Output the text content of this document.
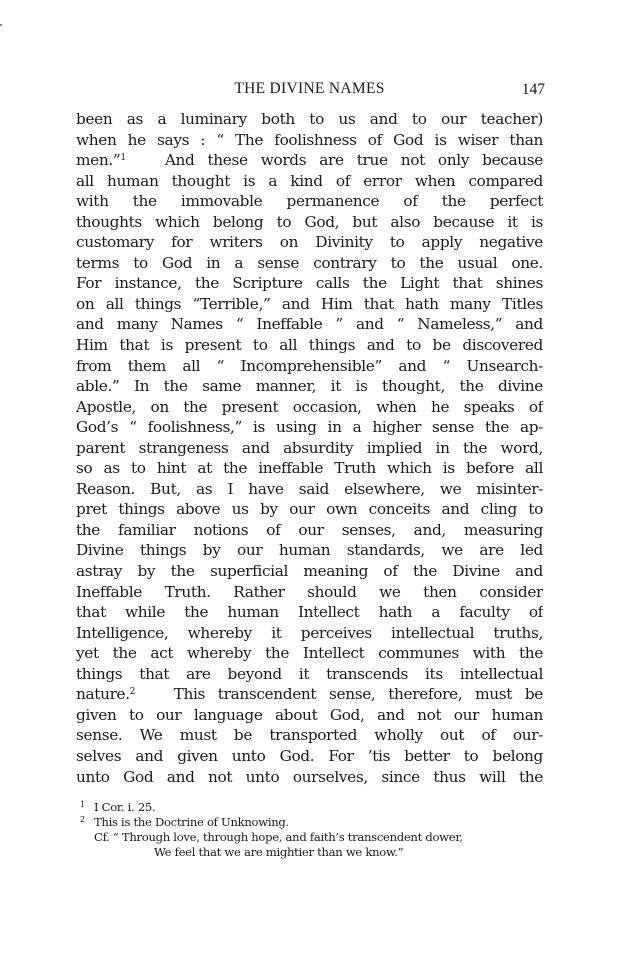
THE DIVINE NAMES	147
been as a luminary both to us and to our teacher)
when he says : “ The foolishness of God is wiser than
men.”$^1$	And these words are true not only because
all human thought is a kind of error when compared
with the immovable permanence of the perfect
thoughts which belong to God, but also because it is
customary for writers on Divinity to apply negative
terms to God in a sense contrary to the usual one.
For instance, the Scripture calls the Light that shines
on all things “Terrible,” and Him that hath many Titles
and many Names “ Ineffable ” and “ Nameless,” and
Him that is present to all things and to be discovered
from them all “ Incomprehensible” and “ Unsearch-
able.” In the same manner, it is thought, the divine
Apostle, on the present occasion, when he speaks of
God’s “ foolishness,” is using in a higher sense the ap-
parent strangeness and absurdity implied in the word,
so as to hint at the ineffable Truth which is before all
Reason. But, as I have said elsewhere, we misinter-
pret things above us by our own conceits and cling to
the familiar notions of our senses, and, measuring
Divine things by our human standards, we are led
astray by the superficial meaning of the Divine and
Ineffable Truth. Rather should we then consider
that while the human Intellect hath a faculty of
Intelligence, whereby it perceives intellectual truths,
yet the act whereby the Intellect communes with the
things that are beyond it transcends its intellectual
nature.$^2$	This transcendent sense, therefore, must be
given to our language about God, and not our human
sense. We must be transported wholly out of our-
selves and given unto God. For ’tis better to belong
unto God and not unto ourselves, since thus will the
1 I Cor. i. 25.
2 This is the Doctrine of Unknowing.
Cf. “ Through love, through hope, and faith’s transcendent dower,
We feel that we are mightier than we know.”
